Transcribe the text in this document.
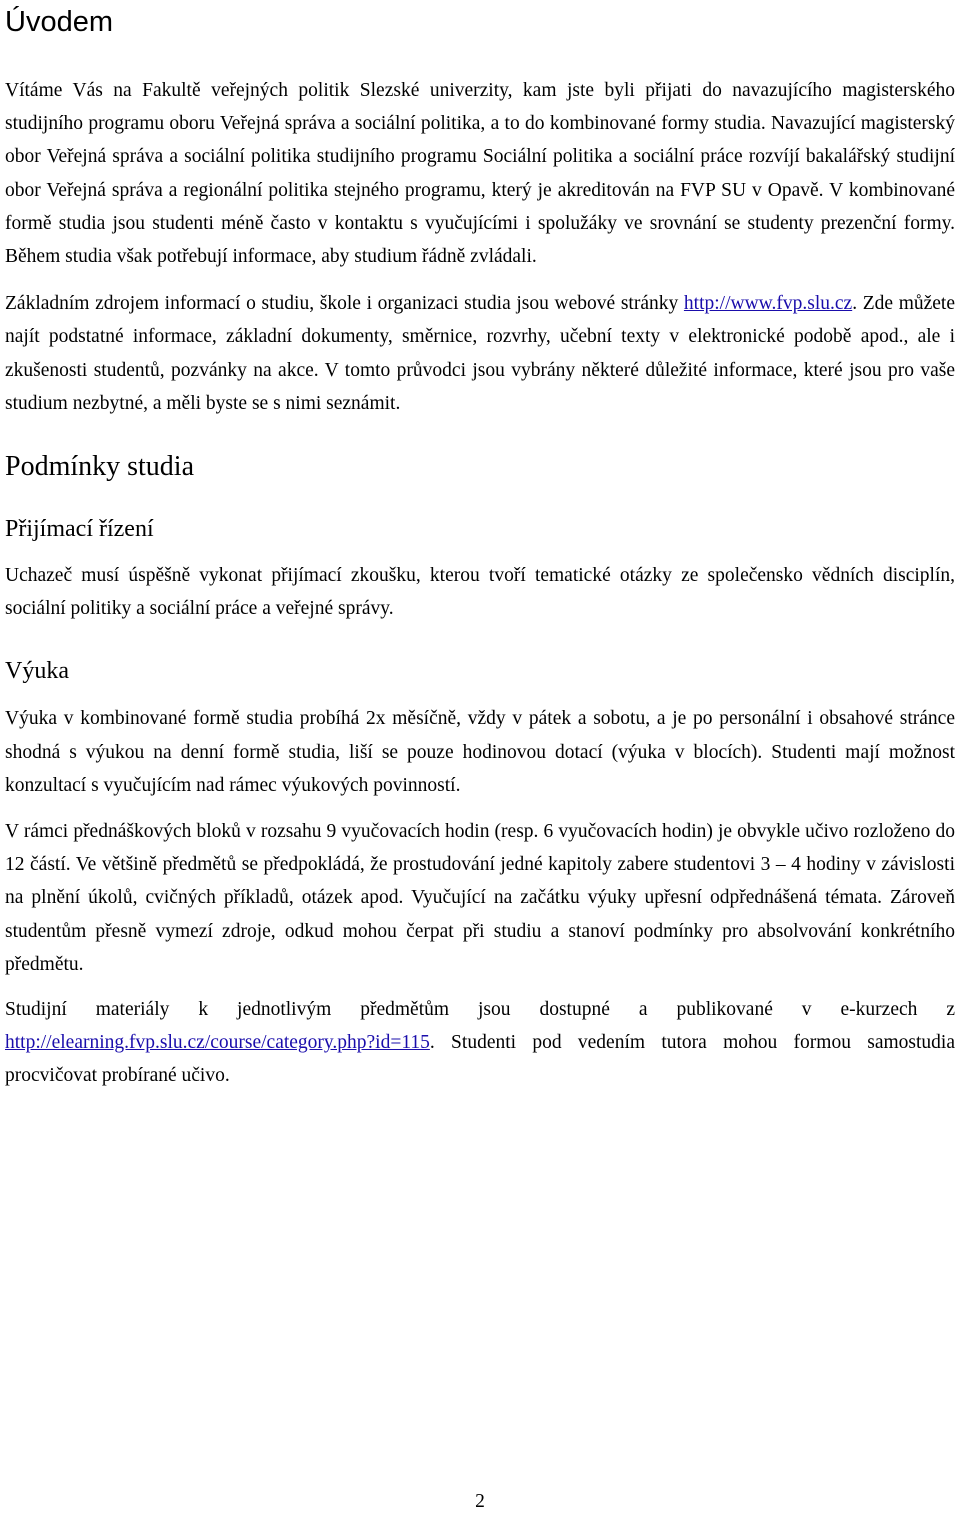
Úvodem

Vítáme Vás na Fakultě veřejných politik Slezské univerzity, kam jste byli přijati do navazujícího magisterského studijního programu oboru Veřejná správa a sociální politika, a to do kombinované formy studia. Navazující magisterský obor Veřejná správa a sociální politika studijního programu Sociální politika a sociální práce rozvíjí bakalářský studijní obor Veřejná správa a regionální politika stejného programu, který je akreditován na FVP SU v Opavě. V kombinované formě studia jsou studenti méně často v kontaktu s vyučujícími i spolužáky ve srovnání se studenty prezenční formy. Během studia však potřebují informace, aby studium řádně zvládali.

Základním zdrojem informací o studiu, škole i organizaci studia jsou webové stránky http://www.fvp.slu.cz. Zde můžete najít podstatné informace, základní dokumenty, směrnice, rozvrhy, učební texty v elektronické podobě apod., ale i zkušenosti studentů, pozvánky na akce. V tomto průvodci jsou vybrány některé důležité informace, které jsou pro vaše studium nezbytné, a měli byste se s nimi seznámit.

Podmínky studia
Přijímací řízení

Uchazeč musí úspěšně vykonat přijímací zkoušku, kterou tvoří tematické otázky ze společensko vědních disciplín, sociální politiky a sociální práce a veřejné správy.

Výuka

Výuka v kombinované formě studia probíhá 2x měsíčně, vždy v pátek a sobotu, a je po personální i obsahové stránce shodná s výukou na denní formě studia, liší se pouze hodinovou dotací (výuka v blocích). Studenti mají možnost konzultací s vyučujícím nad rámec výukových povinností.

V rámci přednáškových bloků v rozsahu 9 vyučovacích hodin (resp. 6 vyučovacích hodin) je obvykle učivo rozloženo do 12 částí. Ve většině předmětů se předpokládá, že prostudování jedné kapitoly zabere studentovi 3 – 4 hodiny v závislosti na plnění úkolů, cvičných příkladů, otázek apod. Vyučující na začátku výuky upřesní odpřednášená témata. Zároveň studentům přesně vymezí zdroje, odkud mohou čerpat při studiu a stanoví podmínky pro absolvování konkrétního předmětu.

Studijní materiály k jednotlivým předmětům jsou dostupné a publikované v e-kurzech z http://elearning.fvp.slu.cz/course/category.php?id=115. Studenti pod vedením tutora mohou formou samostudia procvičovat probírané učivo.

2
